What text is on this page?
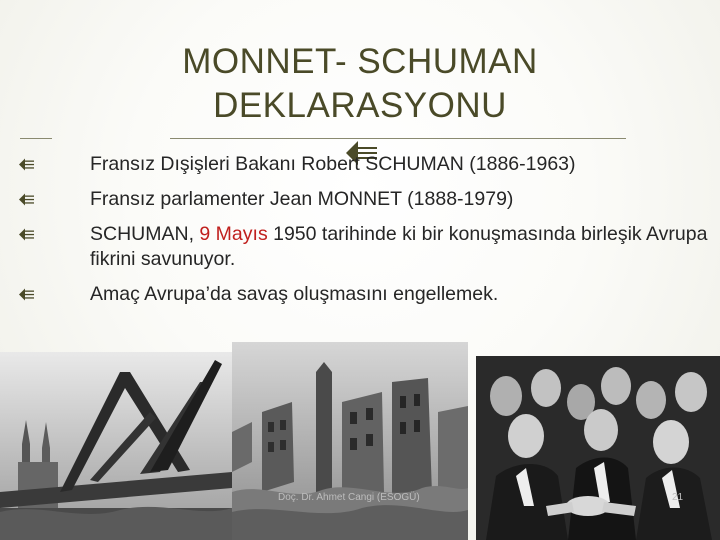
MONNET- SCHUMAN
DEKLARASYONU
Fransız Dışişleri Bakanı Robert SCHUMAN (1886-1963)
Fransız parlamenter Jean MONNET (1888-1979)
SCHUMAN, 9 Mayıs 1950 tarihinde ki bir konuşmasında birleşik Avrupa fikrini savunuyor.
Amaç Avrupa’da savaş oluşmasını engellemek.
Doç. Dr. Ahmet Cangi (ESOGÜ)	21
